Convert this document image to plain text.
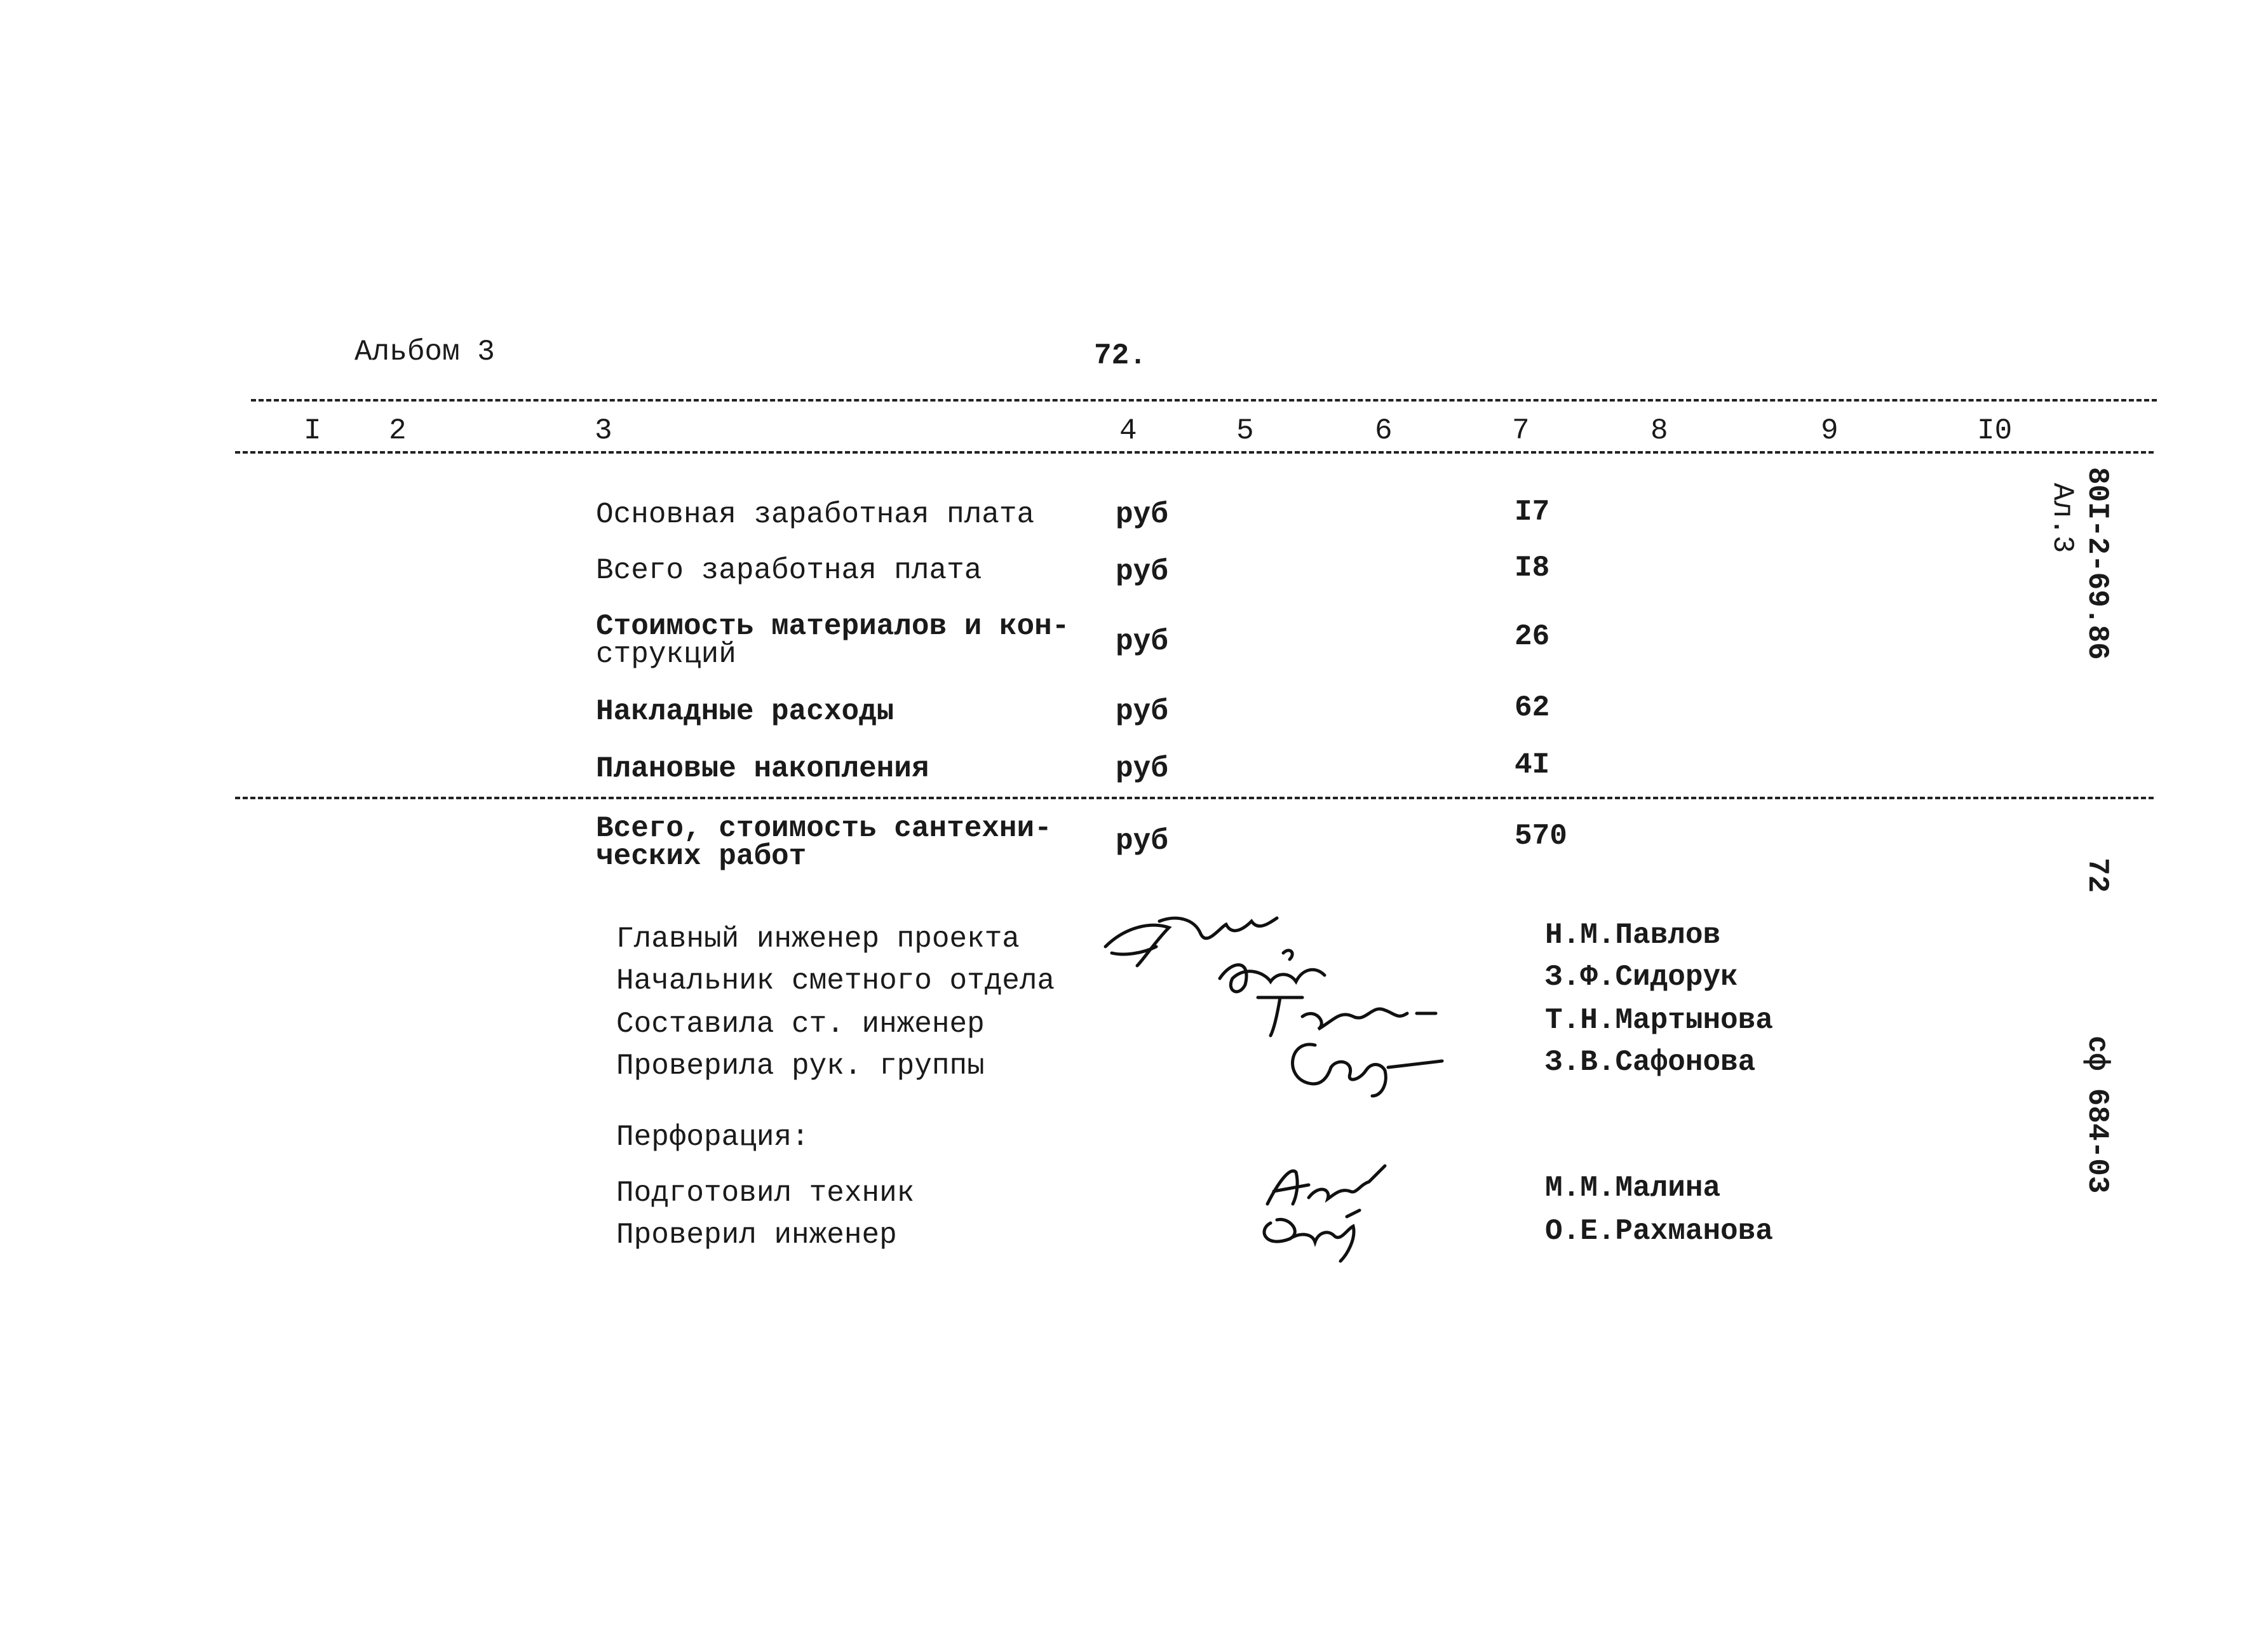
Альбом 3	72.
I 2	3	4	5	6	7	8	9	I0
Основная заработная плата	руб	I7
Всего заработная плата	руб	I8
Стоимость материалов и кон-
струкций	руб	26
Накладные расходы	руб	62
Плановые накопления	руб	4I
Всего, стоимость сантехни-
ческих работ	руб	570
Главный инженер проекта	Н.М.Павлов
Начальник сметного отдела	З.Ф.Сидорук
Составила ст. инженер	Т.Н.Мартынова
Проверила рук. группы	З.В.Сафонова
Перфорация:
Подготовил техник	М.М.Малина
Проверил инженер	О.Е.Рахманова
80I-2-69.86
Ал.3
72
сф 684-03
